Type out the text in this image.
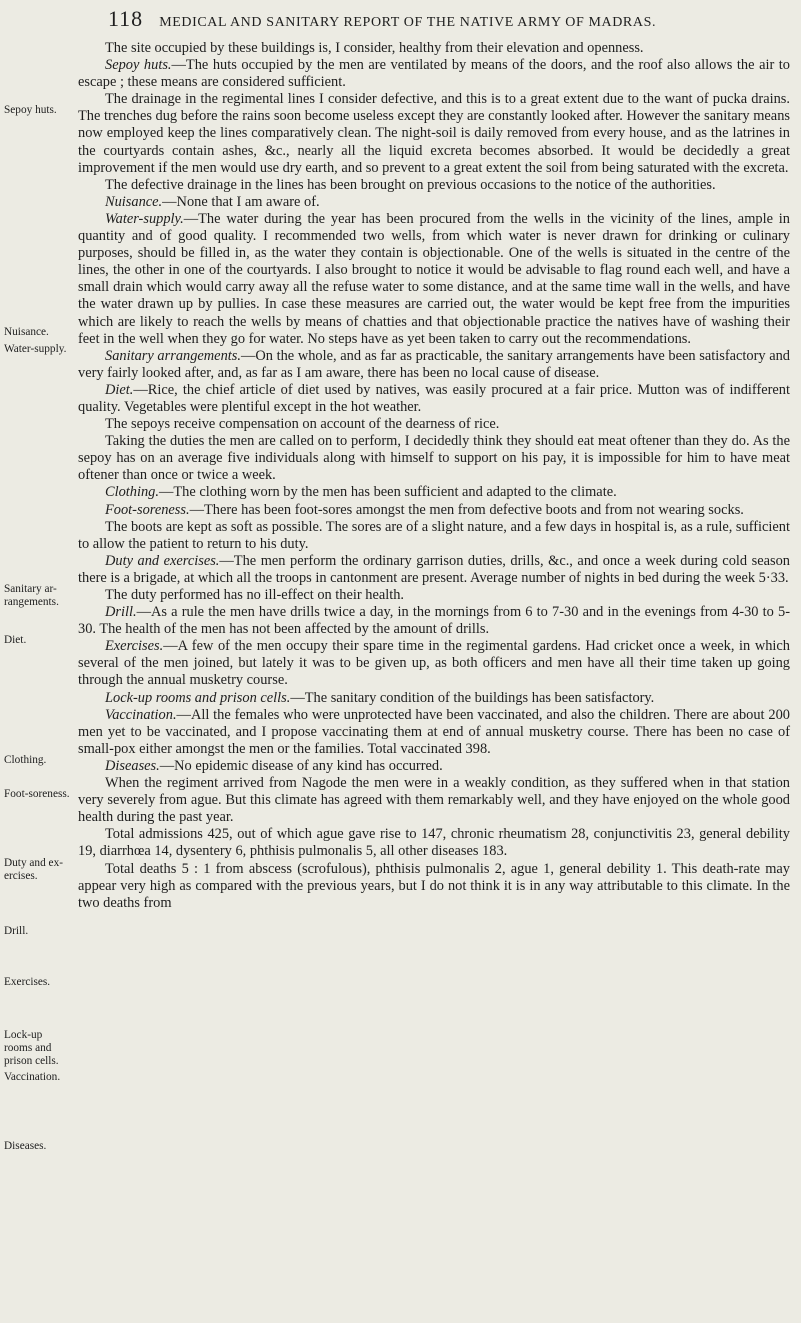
118 MEDICAL AND SANITARY REPORT OF THE NATIVE ARMY OF MADRAS.
Sepoy huts.
Nuisance.
Water-supply.
Sanitary ar-
rangements.
Diet.
Clothing.
Foot-soreness.
Duty and ex-
ercises.
Drill.
Exercises.
Lock-up
rooms and
prison cells.
Vaccination.
Diseases.

The site occupied by these buildings is, I consider, healthy from their elevation and openness.

Sepoy huts.—The huts occupied by the men are ventilated by means of the doors, and the roof also allows the air to escape ; these means are considered sufficient.

The drainage in the regimental lines I consider defective, and this is to a great extent due to the want of pucka drains. The trenches dug before the rains soon become useless except they are constantly looked after. However the sanitary means now employed keep the lines comparatively clean. The night-soil is daily removed from every house, and as the latrines in the courtyards contain ashes, &c., nearly all the liquid excreta becomes absorbed. It would be decidedly a great improvement if the men would use dry earth, and so prevent to a great extent the soil from being saturated with the excreta.

The defective drainage in the lines has been brought on previous occasions to the notice of the authorities.

Nuisance.—None that I am aware of.

Water-supply.—The water during the year has been procured from the wells in the vicinity of the lines, ample in quantity and of good quality. I recommended two wells, from which water is never drawn for drinking or culinary purposes, should be filled in, as the water they contain is objectionable. One of the wells is situated in the centre of the lines, the other in one of the courtyards. I also brought to notice it would be advisable to flag round each well, and have a small drain which would carry away all the refuse water to some distance, and at the same time wall in the wells, and have the water drawn up by pullies. In case these measures are carried out, the water would be kept free from the impurities which are likely to reach the wells by means of chatties and that objectionable practice the natives have of washing their feet in the well when they go for water. No steps have as yet been taken to carry out the recommendations.

Sanitary arrangements.—On the whole, and as far as practicable, the sanitary arrangements have been satisfactory and very fairly looked after, and, as far as I am aware, there has been no local cause of disease.

Diet.—Rice, the chief article of diet used by natives, was easily procured at a fair price. Mutton was of indifferent quality. Vegetables were plentiful except in the hot weather.

The sepoys receive compensation on account of the dearness of rice.

Taking the duties the men are called on to perform, I decidedly think they should eat meat oftener than they do. As the sepoy has on an average five individuals along with himself to support on his pay, it is impossible for him to have meat oftener than once or twice a week.

Clothing.—The clothing worn by the men has been sufficient and adapted to the climate.

Foot-soreness.—There has been foot-sores amongst the men from defective boots and from not wearing socks.

The boots are kept as soft as possible. The sores are of a slight nature, and a few days in hospital is, as a rule, sufficient to allow the patient to return to his duty.

Duty and exercises.—The men perform the ordinary garrison duties, drills, &c., and once a week during cold season there is a brigade, at which all the troops in cantonment are present. Average number of nights in bed during the week 5·33.

The duty performed has no ill-effect on their health.

Drill.—As a rule the men have drills twice a day, in the mornings from 6 to 7-30 and in the evenings from 4-30 to 5-30. The health of the men has not been affected by the amount of drills.

Exercises.—A few of the men occupy their spare time in the regimental gardens. Had cricket once a week, in which several of the men joined, but lately it was to be given up, as both officers and men have all their time taken up going through the annual musketry course.

Lock-up rooms and prison cells.—The sanitary condition of the buildings has been satisfactory.

Vaccination.—All the females who were unprotected have been vaccinated, and also the children. There are about 200 men yet to be vaccinated, and I propose vaccinating them at end of annual musketry course. There has been no case of small-pox either amongst the men or the families. Total vaccinated 398.

Diseases.—No epidemic disease of any kind has occurred.

When the regiment arrived from Nagode the men were in a weakly condition, as they suffered when in that station very severely from ague. But this climate has agreed with them remarkably well, and they have enjoyed on the whole good health during the past year.

Total admissions 425, out of which ague gave rise to 147, chronic rheumatism 28, conjunctivitis 23, general debility 19, diarrhœa 14, dysentery 6, phthisis pulmonalis 5, all other diseases 183.

Total deaths 5 : 1 from abscess (scrofulous), phthisis pulmonalis 2, ague 1, general debility 1. This death-rate may appear very high as compared with the previous years, but I do not think it is in any way attributable to this climate. In the two deaths from
